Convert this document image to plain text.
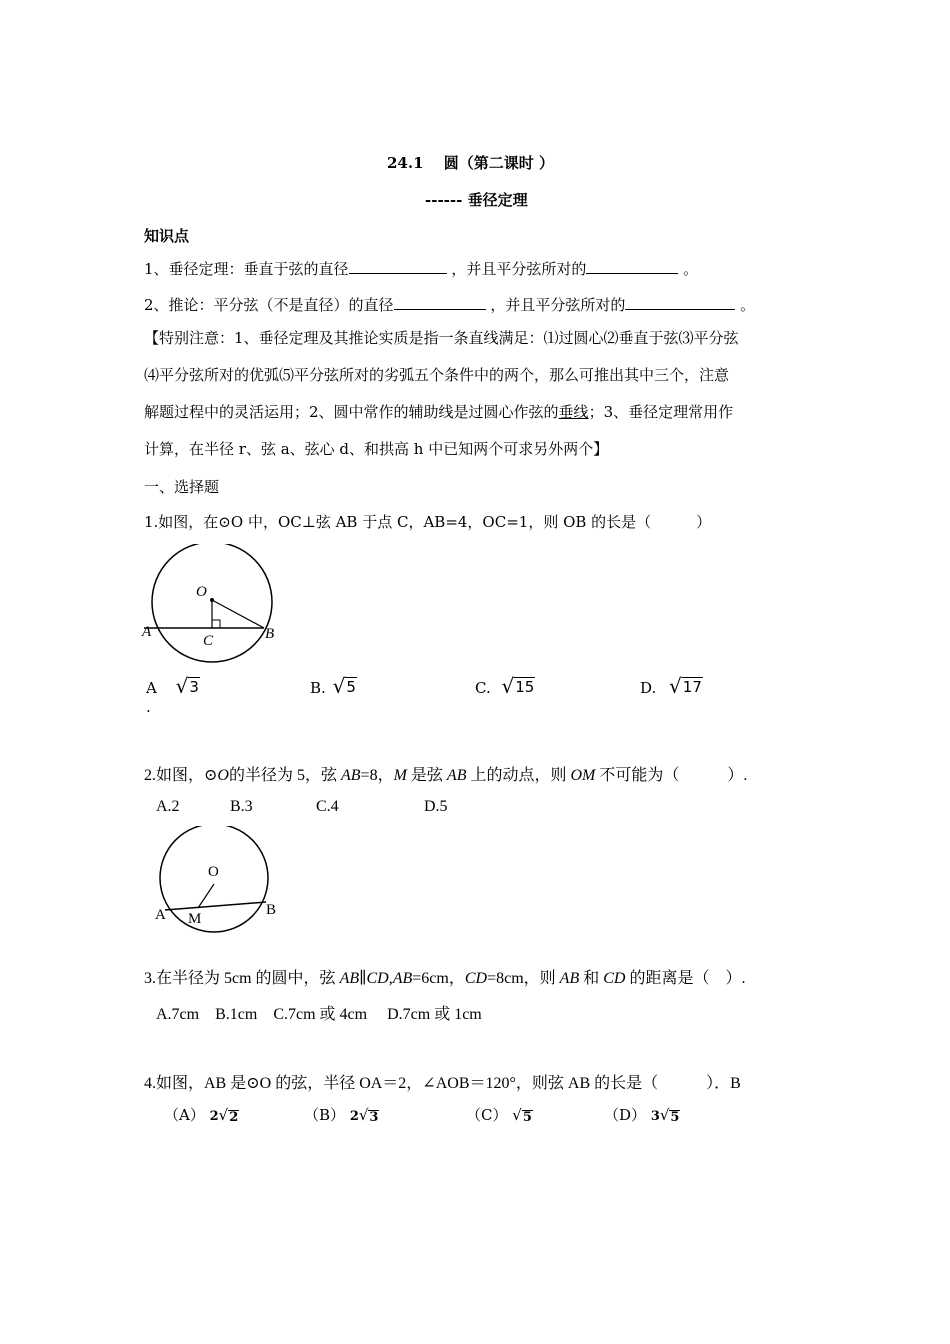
24.1　 圆（第二课时 ）
------ 垂径定理
知识点
1、垂径定理：垂直于弦的直径	，并且平分弦所对的	。
2、推论：平分弦（不是直径）的直径	，并且平分弦所对的	。
【特别注意：1、垂径定理及其推论实质是指一条直线满足：⑴过圆心⑵垂直于弦⑶平分弦
⑷平分弦所对的优弧⑸平分弦所对的劣弧五个条件中的两个，那么可推出其中三个，注意
解题过程中的灵活运用；2、圆中常作的辅助线是过圆心作弦的垂线；3、垂径定理常用作
计算，在半径 r、弦 a、弦心 d、和拱高 h 中已知两个可求另外两个】
一、选择题
1.如图，在⊙O 中，OC⊥弦 AB 于点 C，AB=4，OC=1，则 OB 的长是（　　　）
O
A	B
C
A √ 3	B. √ 5	C. √ 15	D. √ 17
.
2.如图，⊙O的半径为 5，弦 AB=8，M 是弦 AB 上的动点，则 OM 不可能为（　　　）.
A.2	B.3	C.4	D.5
O
A	B
M
3.在半径为 5cm 的圆中，弦 AB∥CD,AB=6cm，CD=8cm，则 AB 和 CD 的距离是（　）.
A.7cm　B.1cm　C.7cm 或 4cm　 D.7cm 或 1cm
4.如图，AB 是⊙O 的弦，半径 OA＝2，∠AOB＝120°，则弦 AB 的长是（　　　）．B
（A） 2 √ 2	（B） 2 √ 3	（C） √ 5	（D） 3 √ 5
